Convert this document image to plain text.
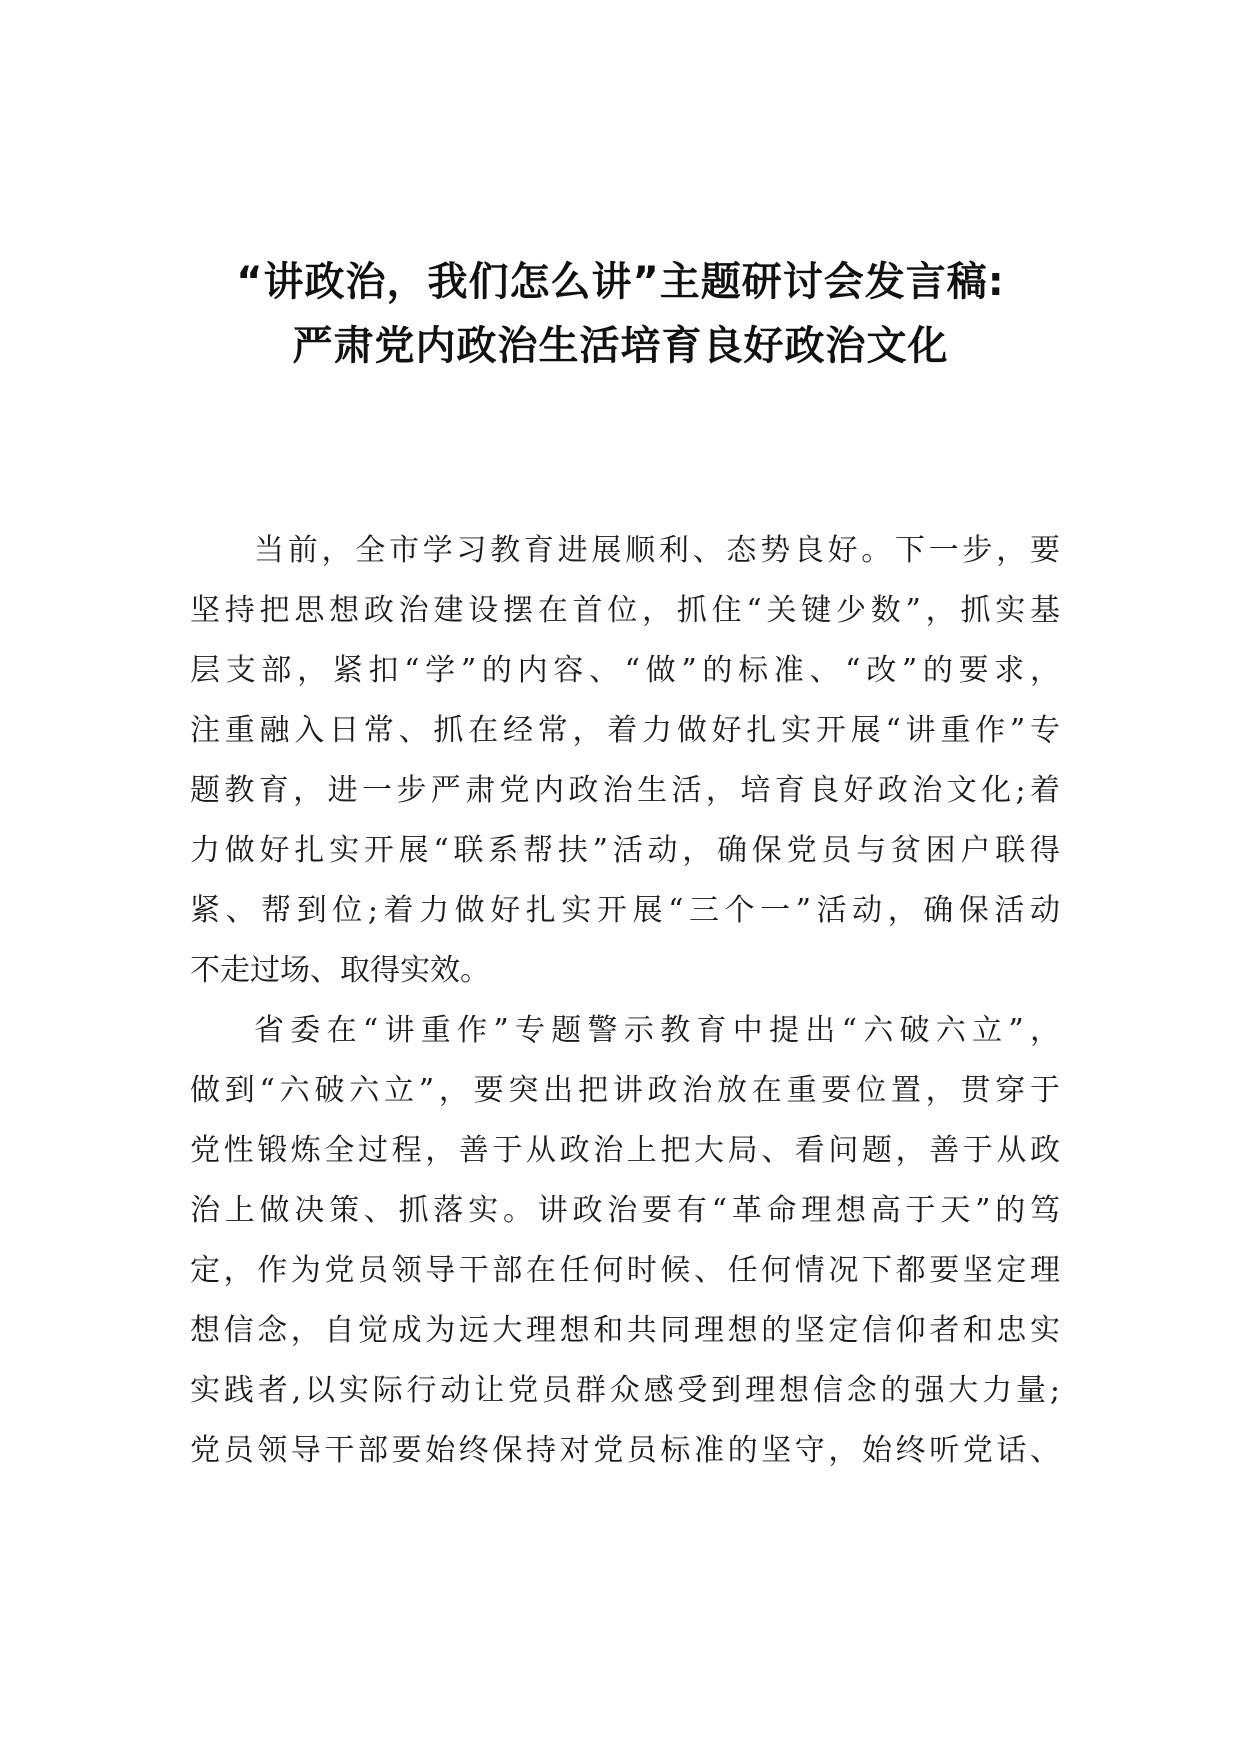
“讲政治，我们怎么讲”主题研讨会发言稿:
严肃党内政治生活培育良好政治文化
当前，全市学习教育进展顺利、态势良好。下一步，要
坚持把思想政治建设摆在首位，抓住“关键少数”，抓实基
层支部，紧扣“学”的内容、“做”的标准、“改”的要求，
注重融入日常、抓在经常，着力做好扎实开展“讲重作”专
题教育，进一步严肃党内政治生活，培育良好政治文化;着
力做好扎实开展“联系帮扶”活动，确保党员与贫困户联得
紧、帮到位;着力做好扎实开展“三个一”活动，确保活动
不走过场、取得实效。
省委在“讲重作”专题警示教育中提出“六破六立”，
做到“六破六立”，要突出把讲政治放在重要位置，贯穿于
党性锻炼全过程，善于从政治上把大局、看问题，善于从政
治上做决策、抓落实。讲政治要有“革命理想高于天”的笃
定，作为党员领导干部在任何时候、任何情况下都要坚定理
想信念，自觉成为远大理想和共同理想的坚定信仰者和忠实
实践者,以实际行动让党员群众感受到理想信念的强大力量;
党员领导干部要始终保持对党员标准的坚守，始终听党话、
